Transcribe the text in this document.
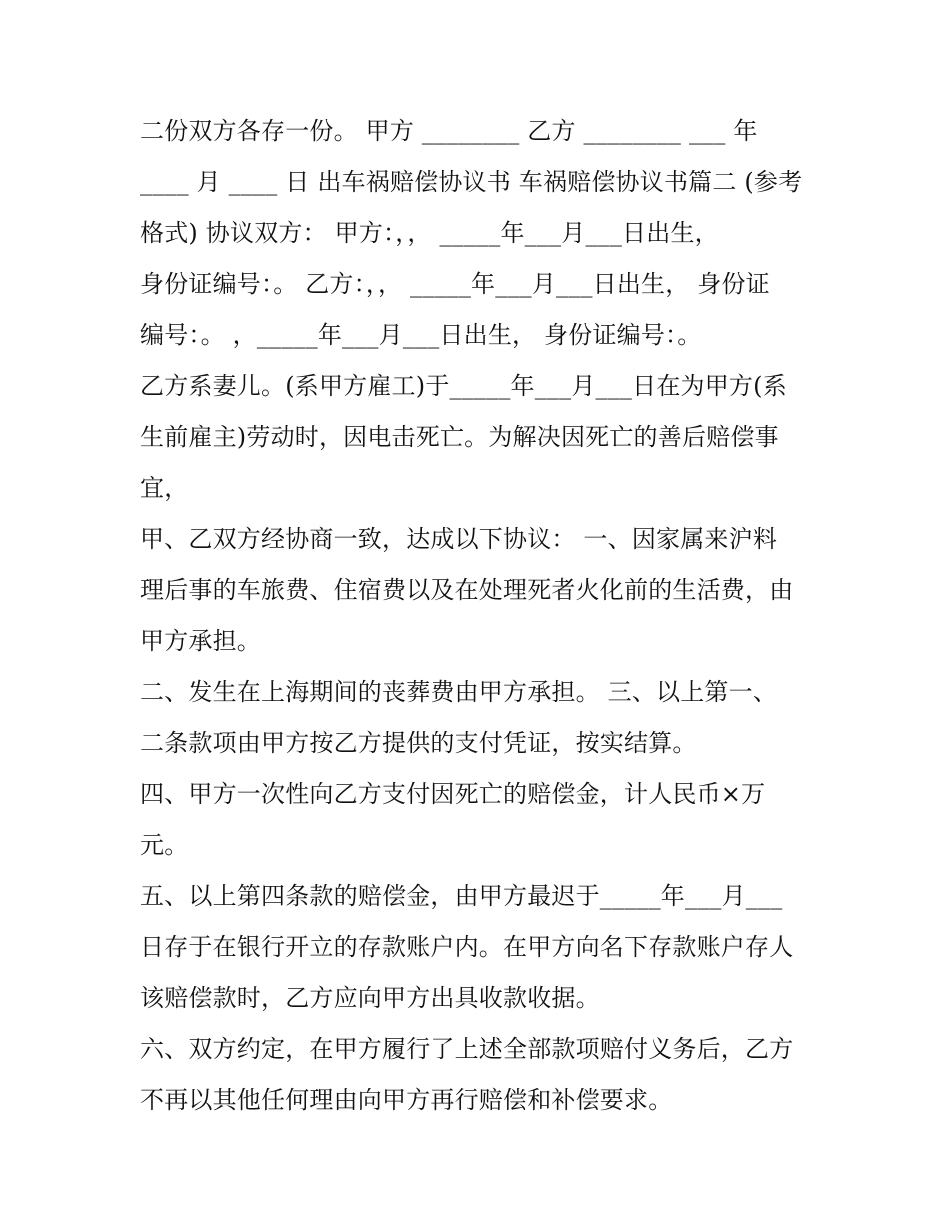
二份双方各存一份。 甲方 ________ 乙方 ________ ___ 年
____ 月 ____ 日 出车祸赔偿协议书 车祸赔偿协议书篇二 (参考
格式) 协议双方： 甲方：，， _____年___月___日出生，
身份证编号：。 乙方：，， _____年___月___日出生， 身份证
编号：。 ，_____年___月___日出生， 身份证编号：。
乙方系妻儿。(系甲方雇工)于_____年___月___日在为甲方(系
生前雇主)劳动时，因电击死亡。为解决因死亡的善后赔偿事
宜，
甲、乙双方经协商一致，达成以下协议： 一、因家属来沪料
理后事的车旅费、住宿费以及在处理死者火化前的生活费，由
甲方承担。
二、发生在上海期间的丧葬费由甲方承担。 三、以上第一、
二条款项由甲方按乙方提供的支付凭证，按实结算。
四、甲方一次性向乙方支付因死亡的赔偿金，计人民币×万
元。
五、以上第四条款的赔偿金，由甲方最迟于_____年___月___
日存于在银行开立的存款账户内。在甲方向名下存款账户存人
该赔偿款时，乙方应向甲方出具收款收据。
六、双方约定，在甲方履行了上述全部款项赔付义务后，乙方
不再以其他任何理由向甲方再行赔偿和补偿要求。
